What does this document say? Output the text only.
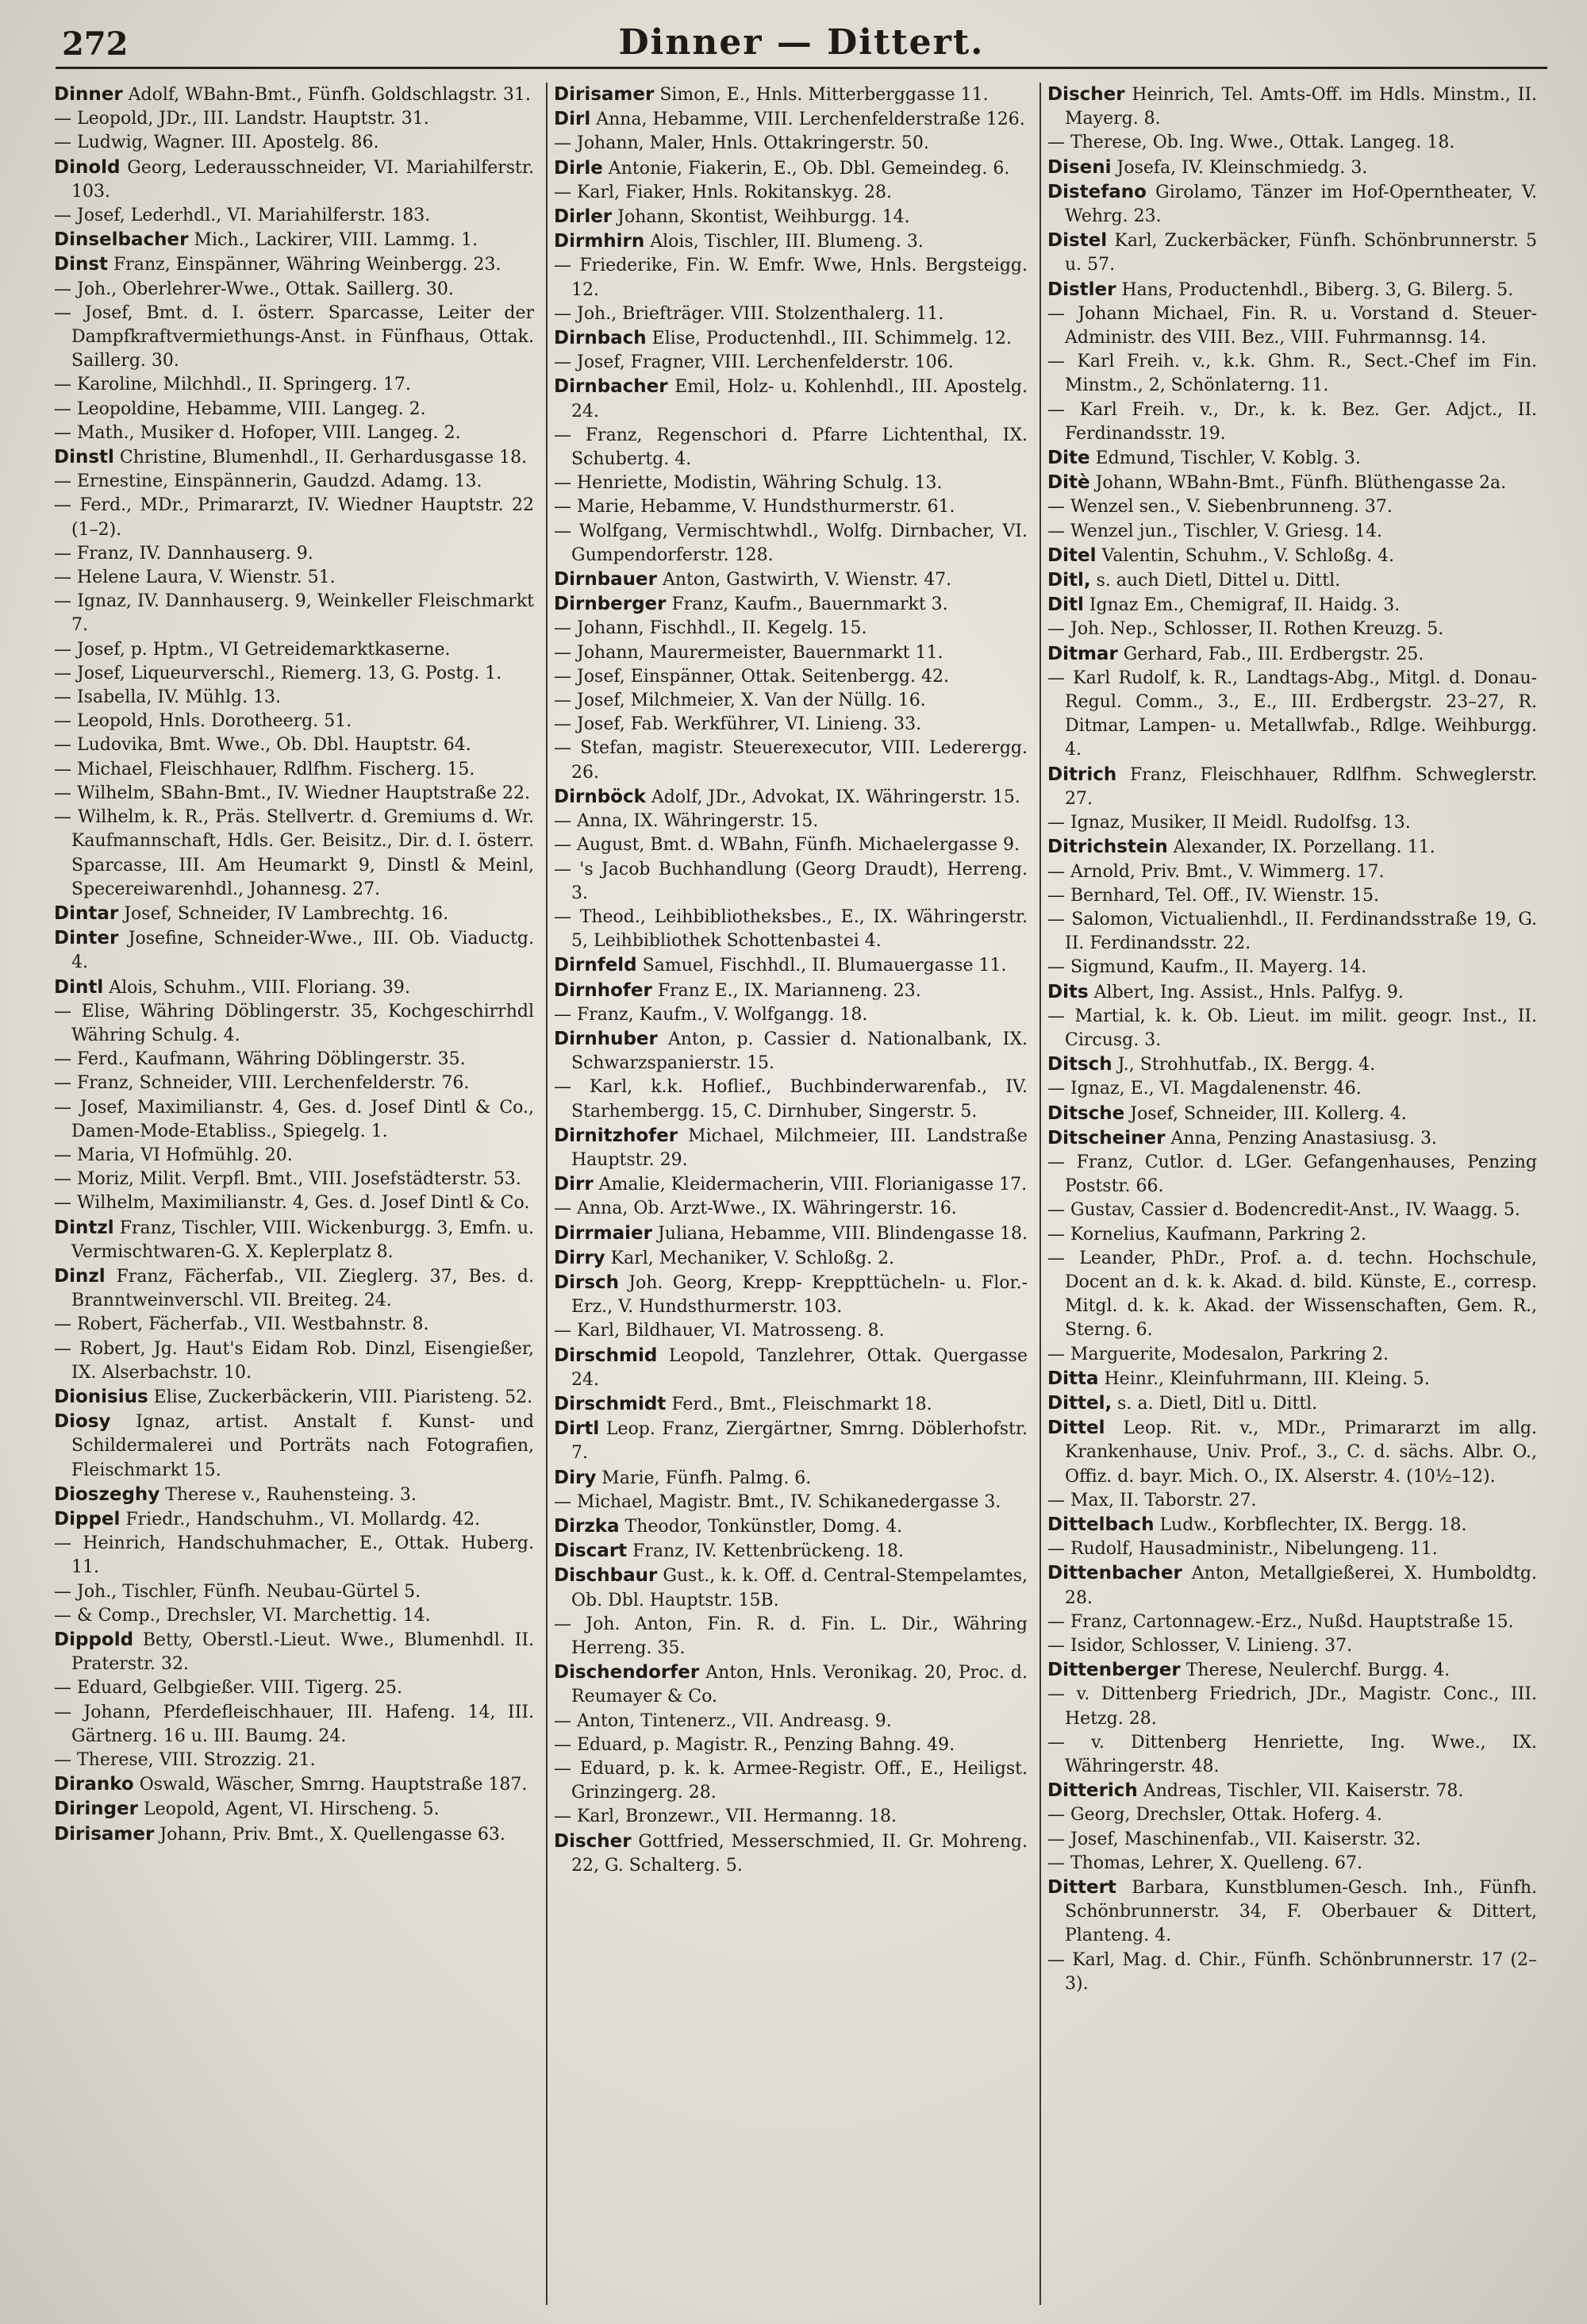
272	Dinner — Dittert.

Dinner Adolf, WBahn-Bmt., Fünfh. Goldschlagstr. 31.

— Leopold, JDr., III. Landstr. Hauptstr. 31.

— Ludwig, Wagner. III. Apostelg. 86.

Dinold Georg, Lederausschneider, VI. Mariahilferstr. 103.

— Josef, Lederhdl., VI. Mariahilferstr. 183.

Dinselbacher Mich., Lackirer, VIII. Lammg. 1.

Dinst Franz, Einspänner, Währing Weinbergg. 23.

— Joh., Oberlehrer-Wwe., Ottak. Saillerg. 30.

— Josef, Bmt. d. I. österr. Sparcasse, Leiter der Dampfkraftvermiethungs-Anst. in Fünfhaus, Ottak. Saillerg. 30.

— Karoline, Milchhdl., II. Springerg. 17.

— Leopoldine, Hebamme, VIII. Langeg. 2.

— Math., Musiker d. Hofoper, VIII. Langeg. 2.

Dinstl Christine, Blumenhdl., II. Gerhardusgasse 18.

— Ernestine, Einspännerin, Gaudzd. Adamg. 13.

— Ferd., MDr., Primararzt, IV. Wiedner Hauptstr. 22 (1–2).

— Franz, IV. Dannhauserg. 9.

— Helene Laura, V. Wienstr. 51.

— Ignaz, IV. Dannhauserg. 9, Weinkeller Fleischmarkt 7.

— Josef, p. Hptm., VI Getreidemarktkaserne.

— Josef, Liqueurverschl., Riemerg. 13, G. Postg. 1.

— Isabella, IV. Mühlg. 13.

— Leopold, Hnls. Dorotheerg. 51.

— Ludovika, Bmt. Wwe., Ob. Dbl. Hauptstr. 64.

— Michael, Fleischhauer, Rdlfhm. Fischerg. 15.

— Wilhelm, SBahn-Bmt., IV. Wiedner Hauptstraße 22.

— Wilhelm, k. R., Präs. Stellvertr. d. Gremiums d. Wr. Kaufmannschaft, Hdls. Ger. Beisitz., Dir. d. I. österr. Sparcasse, III. Am Heumarkt 9, Dinstl & Meinl, Specereiwarenhdl., Johannesg. 27.

Dintar Josef, Schneider, IV Lambrechtg. 16.

Dinter Josefine, Schneider-Wwe., III. Ob. Viaductg. 4.

Dintl Alois, Schuhm., VIII. Floriang. 39.

— Elise, Währing Döblingerstr. 35, Kochgeschirrhdl Währing Schulg. 4.

— Ferd., Kaufmann, Währing Döblingerstr. 35.

— Franz, Schneider, VIII. Lerchenfelderstr. 76.

— Josef, Maximilianstr. 4, Ges. d. Josef Dintl & Co., Damen-Mode-Etabliss., Spiegelg. 1.

— Maria, VI Hofmühlg. 20.

— Moriz, Milit. Verpfl. Bmt., VIII. Josefstädterstr. 53.

— Wilhelm, Maximilianstr. 4, Ges. d. Josef Dintl & Co.

Dintzl Franz, Tischler, VIII. Wickenburgg. 3, Emfn. u. Vermischtwaren-G. X. Keplerplatz 8.

Dinzl Franz, Fächerfab., VII. Zieglerg. 37, Bes. d. Branntweinverschl. VII. Breiteg. 24.

— Robert, Fächerfab., VII. Westbahnstr. 8.

— Robert, Jg. Haut's Eidam Rob. Dinzl, Eisengießer, IX. Alserbachstr. 10.

Dionisius Elise, Zuckerbäckerin, VIII. Piaristeng. 52.

Diosy Ignaz, artist. Anstalt f. Kunst- und Schildermalerei und Porträts nach Fotografien, Fleischmarkt 15.

Dioszeghy Therese v., Rauhensteing. 3.

Dippel Friedr., Handschuhm., VI. Mollardg. 42.

— Heinrich, Handschuhmacher, E., Ottak. Huberg. 11.

— Joh., Tischler, Fünfh. Neubau-Gürtel 5.

— & Comp., Drechsler, VI. Marchettig. 14.

Dippold Betty, Oberstl.-Lieut. Wwe., Blumenhdl. II. Praterstr. 32.

— Eduard, Gelbgießer. VIII. Tigerg. 25.

— Johann, Pferdefleischhauer, III. Hafeng. 14, III. Gärtnerg. 16 u. III. Baumg. 24.

— Therese, VIII. Strozzig. 21.

Diranko Oswald, Wäscher, Smrng. Hauptstraße 187.

Diringer Leopold, Agent, VI. Hirscheng. 5.

Dirisamer Johann, Priv. Bmt., X. Quellengasse 63.

Dirisamer Simon, E., Hnls. Mitterberggasse 11.

Dirl Anna, Hebamme, VIII. Lerchenfelderstraße 126.

— Johann, Maler, Hnls. Ottakringerstr. 50.

Dirle Antonie, Fiakerin, E., Ob. Dbl. Gemeindeg. 6.

— Karl, Fiaker, Hnls. Rokitanskyg. 28.

Dirler Johann, Skontist, Weihburgg. 14.

Dirmhirn Alois, Tischler, III. Blumeng. 3.

— Friederike, Fin. W. Emfr. Wwe, Hnls. Bergsteigg. 12.

— Joh., Briefträger. VIII. Stolzenthalerg. 11.

Dirnbach Elise, Productenhdl., III. Schimmelg. 12.

— Josef, Fragner, VIII. Lerchenfelderstr. 106.

Dirnbacher Emil, Holz- u. Kohlenhdl., III. Apostelg. 24.

— Franz, Regenschori d. Pfarre Lichtenthal, IX. Schubertg. 4.

— Henriette, Modistin, Währing Schulg. 13.

— Marie, Hebamme, V. Hundsthurmerstr. 61.

— Wolfgang, Vermischtwhdl., Wolfg. Dirnbacher, VI. Gumpendorferstr. 128.

Dirnbauer Anton, Gastwirth, V. Wienstr. 47.

Dirnberger Franz, Kaufm., Bauernmarkt 3.

— Johann, Fischhdl., II. Kegelg. 15.

— Johann, Maurermeister, Bauernmarkt 11.

— Josef, Einspänner, Ottak. Seitenbergg. 42.

— Josef, Milchmeier, X. Van der Nüllg. 16.

— Josef, Fab. Werkführer, VI. Linieng. 33.

— Stefan, magistr. Steuerexecutor, VIII. Lederergg. 26.

Dirnböck Adolf, JDr., Advokat, IX. Währingerstr. 15.

— Anna, IX. Währingerstr. 15.

— August, Bmt. d. WBahn, Fünfh. Michaelergasse 9.

— 's Jacob Buchhandlung (Georg Draudt), Herreng. 3.

— Theod., Leihbibliotheksbes., E., IX. Währingerstr. 5, Leihbibliothek Schottenbastei 4.

Dirnfeld Samuel, Fischhdl., II. Blumauergasse 11.

Dirnhofer Franz E., IX. Marianneng. 23.

— Franz, Kaufm., V. Wolfgangg. 18.

Dirnhuber Anton, p. Cassier d. Nationalbank, IX. Schwarzspanierstr. 15.

— Karl, k.k. Hoflief., Buchbinderwarenfab., IV. Starhembergg. 15, C. Dirnhuber, Singerstr. 5.

Dirnitzhofer Michael, Milchmeier, III. Landstraße Hauptstr. 29.

Dirr Amalie, Kleidermacherin, VIII. Florianigasse 17.

— Anna, Ob. Arzt-Wwe., IX. Währingerstr. 16.

Dirrmaier Juliana, Hebamme, VIII. Blindengasse 18.

Dirry Karl, Mechaniker, V. Schloßg. 2.

Dirsch Joh. Georg, Krepp- Kreppttücheln- u. Flor.-Erz., V. Hundsthurmerstr. 103.

— Karl, Bildhauer, VI. Matrosseng. 8.

Dirschmid Leopold, Tanzlehrer, Ottak. Quergasse 24.

Dirschmidt Ferd., Bmt., Fleischmarkt 18.

Dirtl Leop. Franz, Ziergärtner, Smrng. Döblerhofstr. 7.

Diry Marie, Fünfh. Palmg. 6.

— Michael, Magistr. Bmt., IV. Schikanedergasse 3.

Dirzka Theodor, Tonkünstler, Domg. 4.

Discart Franz, IV. Kettenbrückeng. 18.

Dischbaur Gust., k. k. Off. d. Central-Stempelamtes, Ob. Dbl. Hauptstr. 15B.

— Joh. Anton, Fin. R. d. Fin. L. Dir., Währing Herreng. 35.

Dischendorfer Anton, Hnls. Veronikag. 20, Proc. d. Reumayer & Co.

— Anton, Tintenerz., VII. Andreasg. 9.

— Eduard, p. Magistr. R., Penzing Bahng. 49.

— Eduard, p. k. k. Armee-Registr. Off., E., Heiligst. Grinzingerg. 28.

— Karl, Bronzewr., VII. Hermanng. 18.

Discher Gottfried, Messerschmied, II. Gr. Mohreng. 22, G. Schalterg. 5.

Discher Heinrich, Tel. Amts-Off. im Hdls. Minstm., II. Mayerg. 8.

— Therese, Ob. Ing. Wwe., Ottak. Langeg. 18.

Diseni Josefa, IV. Kleinschmiedg. 3.

Distefano Girolamo, Tänzer im Hof-Operntheater, V. Wehrg. 23.

Distel Karl, Zuckerbäcker, Fünfh. Schönbrunnerstr. 5 u. 57.

Distler Hans, Productenhdl., Biberg. 3, G. Bilerg. 5.

— Johann Michael, Fin. R. u. Vorstand d. Steuer-Administr. des VIII. Bez., VIII. Fuhrmannsg. 14.

— Karl Freih. v., k.k. Ghm. R., Sect.-Chef im Fin. Minstm., 2, Schönlaterng. 11.

— Karl Freih. v., Dr., k. k. Bez. Ger. Adjct., II. Ferdinandsstr. 19.

Dite Edmund, Tischler, V. Koblg. 3.

Ditè Johann, WBahn-Bmt., Fünfh. Blüthengasse 2a.

— Wenzel sen., V. Siebenbrunneng. 37.

— Wenzel jun., Tischler, V. Griesg. 14.

Ditel Valentin, Schuhm., V. Schloßg. 4.

Ditl, s. auch Dietl, Dittel u. Dittl.

Ditl Ignaz Em., Chemigraf, II. Haidg. 3.

— Joh. Nep., Schlosser, II. Rothen Kreuzg. 5.

Ditmar Gerhard, Fab., III. Erdbergstr. 25.

— Karl Rudolf, k. R., Landtags-Abg., Mitgl. d. Donau-Regul. Comm., 3., E., III. Erdbergstr. 23–27, R. Ditmar, Lampen- u. Metallwfab., Rdlge. Weihburgg. 4.

Ditrich Franz, Fleischhauer, Rdlfhm. Schweglerstr. 27.

— Ignaz, Musiker, II Meidl. Rudolfsg. 13.

Ditrichstein Alexander, IX. Porzellang. 11.

— Arnold, Priv. Bmt., V. Wimmerg. 17.

— Bernhard, Tel. Off., IV. Wienstr. 15.

— Salomon, Victualienhdl., II. Ferdinandsstraße 19, G. II. Ferdinandsstr. 22.

— Sigmund, Kaufm., II. Mayerg. 14.

Dits Albert, Ing. Assist., Hnls. Palfyg. 9.

— Martial, k. k. Ob. Lieut. im milit. geogr. Inst., II. Circusg. 3.

Ditsch J., Strohhutfab., IX. Bergg. 4.

— Ignaz, E., VI. Magdalenenstr. 46.

Ditsche Josef, Schneider, III. Kollerg. 4.

Ditscheiner Anna, Penzing Anastasiusg. 3.

— Franz, Cutlor. d. LGer. Gefangenhauses, Penzing Poststr. 66.

— Gustav, Cassier d. Bodencredit-Anst., IV. Waagg. 5.

— Kornelius, Kaufmann, Parkring 2.

— Leander, PhDr., Prof. a. d. techn. Hochschule, Docent an d. k. k. Akad. d. bild. Künste, E., corresp. Mitgl. d. k. k. Akad. der Wissenschaften, Gem. R., Sterng. 6.

— Marguerite, Modesalon, Parkring 2.

Ditta Heinr., Kleinfuhrmann, III. Kleing. 5.

Dittel, s. a. Dietl, Ditl u. Dittl.

Dittel Leop. Rit. v., MDr., Primararzt im allg. Krankenhause, Univ. Prof., 3., C. d. sächs. Albr. O., Offiz. d. bayr. Mich. O., IX. Alserstr. 4. (10½–12).

— Max, II. Taborstr. 27.

Dittelbach Ludw., Korbflechter, IX. Bergg. 18.

— Rudolf, Hausadministr., Nibelungeng. 11.

Dittenbacher Anton, Metallgießerei, X. Humboldtg. 28.

— Franz, Cartonnagew.-Erz., Nußd. Hauptstraße 15.

— Isidor, Schlosser, V. Linieng. 37.

Dittenberger Therese, Neulerchf. Burgg. 4.

— v. Dittenberg Friedrich, JDr., Magistr. Conc., III. Hetzg. 28.

— v. Dittenberg Henriette, Ing. Wwe., IX. Währingerstr. 48.

Ditterich Andreas, Tischler, VII. Kaiserstr. 78.

— Georg, Drechsler, Ottak. Hoferg. 4.

— Josef, Maschinenfab., VII. Kaiserstr. 32.

— Thomas, Lehrer, X. Quelleng. 67.

Dittert Barbara, Kunstblumen-Gesch. Inh., Fünfh. Schönbrunnerstr. 34, F. Oberbauer & Dittert, Planteng. 4.

— Karl, Mag. d. Chir., Fünfh. Schönbrunnerstr. 17 (2–3).
